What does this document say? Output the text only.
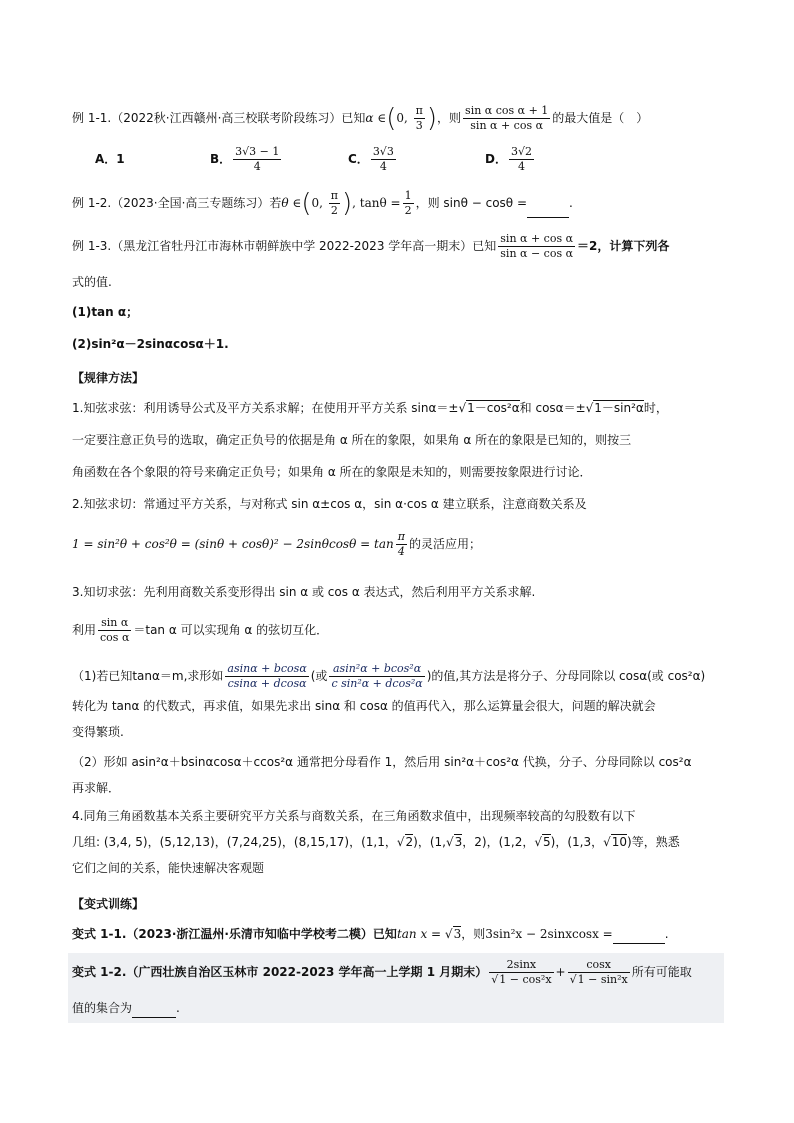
例 1-1.（2022秋·江西赣州·高三校联考阶段练习）已知α ∈(0, $\frac{\pi}{3}$ )，则 $\frac{\text{sin α cos α + 1}}{\text{sin α + cos α}}$ 的最大值是（　）
A．1	B． $\frac{3√3 - 1}{4}$	C． $\frac{3√3}{4}$	D． $\frac{3√2}{4}$
例 1-2.（2023·全国·高三专题练习）若θ ∈(0, $\frac{\pi}{2}$ ), $\tan\theta = \frac{1}{2}$ ，则 sinθ − cosθ =	.
例 1-3.（黑龙江省牡丹江市海林市朝鲜族中学 2022-2023 学年高一期末）已知 $\frac{\text{sin α + cos α}}{\text{sin α − cos α}} =2$，计算下列各
式的值.
(1)tan α；
(2)sin²α－2sinαcosα＋1.
【规律方法】
1.知弦求弦：利用诱导公式及平方关系求解；在使用开平方关系 sinα＝±√1－cos²α和 cosα＝±√1－sin²α时，
一定要注意正负号的选取，确定正负号的依据是角 α 所在的象限，如果角 α 所在的象限是已知的，则按三
角函数在各个象限的符号来确定正负号；如果角 α 所在的象限是未知的，则需要按象限进行讨论．
2.知弦求切：常通过平方关系，与对称式 sin α±cos α，sin α·cos α 建立联系，注意商数关系及
$1 = \sin^2\theta + \cos^2\theta = (\sin\theta + \cos\theta)^2 - 2\sin\theta\cos\theta = \tan \frac{\pi}{4}$ 的灵活应用；
3.知切求弦：先利用商数关系变形得出 sin α 或 cos α 表达式，然后利用平方关系求解.
利用 $\frac{\text{sin α}}{\text{cos α}} =\tan$ α 可以实现角 α 的弦切互化．
（1)若已知tanα＝m,求形如 $\frac{asin\alpha + bcos\alpha}{csin\alpha + dcos\alpha}$ (或 $\frac{\text{asin²α + bcos²α}}{\text{c sin²α + dcos²α}}$ )的值,其方法是将分子、分母同除以 cosα(或 cos²α)
转化为 tanα 的代数式，再求值，如果先求出 sinα 和 cosα 的值再代入，那么运算量会很大，问题的解决就会
变得繁琐.
（2）形如 asin²α＋bsinαcosα＋ccos²α 通常把分母看作 1，然后用 sin²α＋cos²α 代换，分子、分母同除以 cos²α
再求解．
4.同角三角函数基本关系主要研究平方关系与商数关系，在三角函数求值中，出现频率较高的勾股数有以下
几组: (3,4, 5)，(5,12,13)，(7,24,25)，(8,15,17)，(1,1，√2)，(1,√3，2)，(1,2，√5)，(1,3，√10)等，熟悉
它们之间的关系，能快速解决客观题
【变式训练】
变式 1-1.（2023·浙江温州·乐清市知临中学校考二模）已知tan x = √3，则3sin²x − 2sinxcosx =	.
变式 1-2.（广西壮族自治区玉林市 2022-2023 学年高一上学期 1 月期末） $\frac{2\sin x}{\text{√1 − cos²x}} + \frac{\cos x}{\text{√1 − sin²x}}$ 所有可能取
值的集合为	.
